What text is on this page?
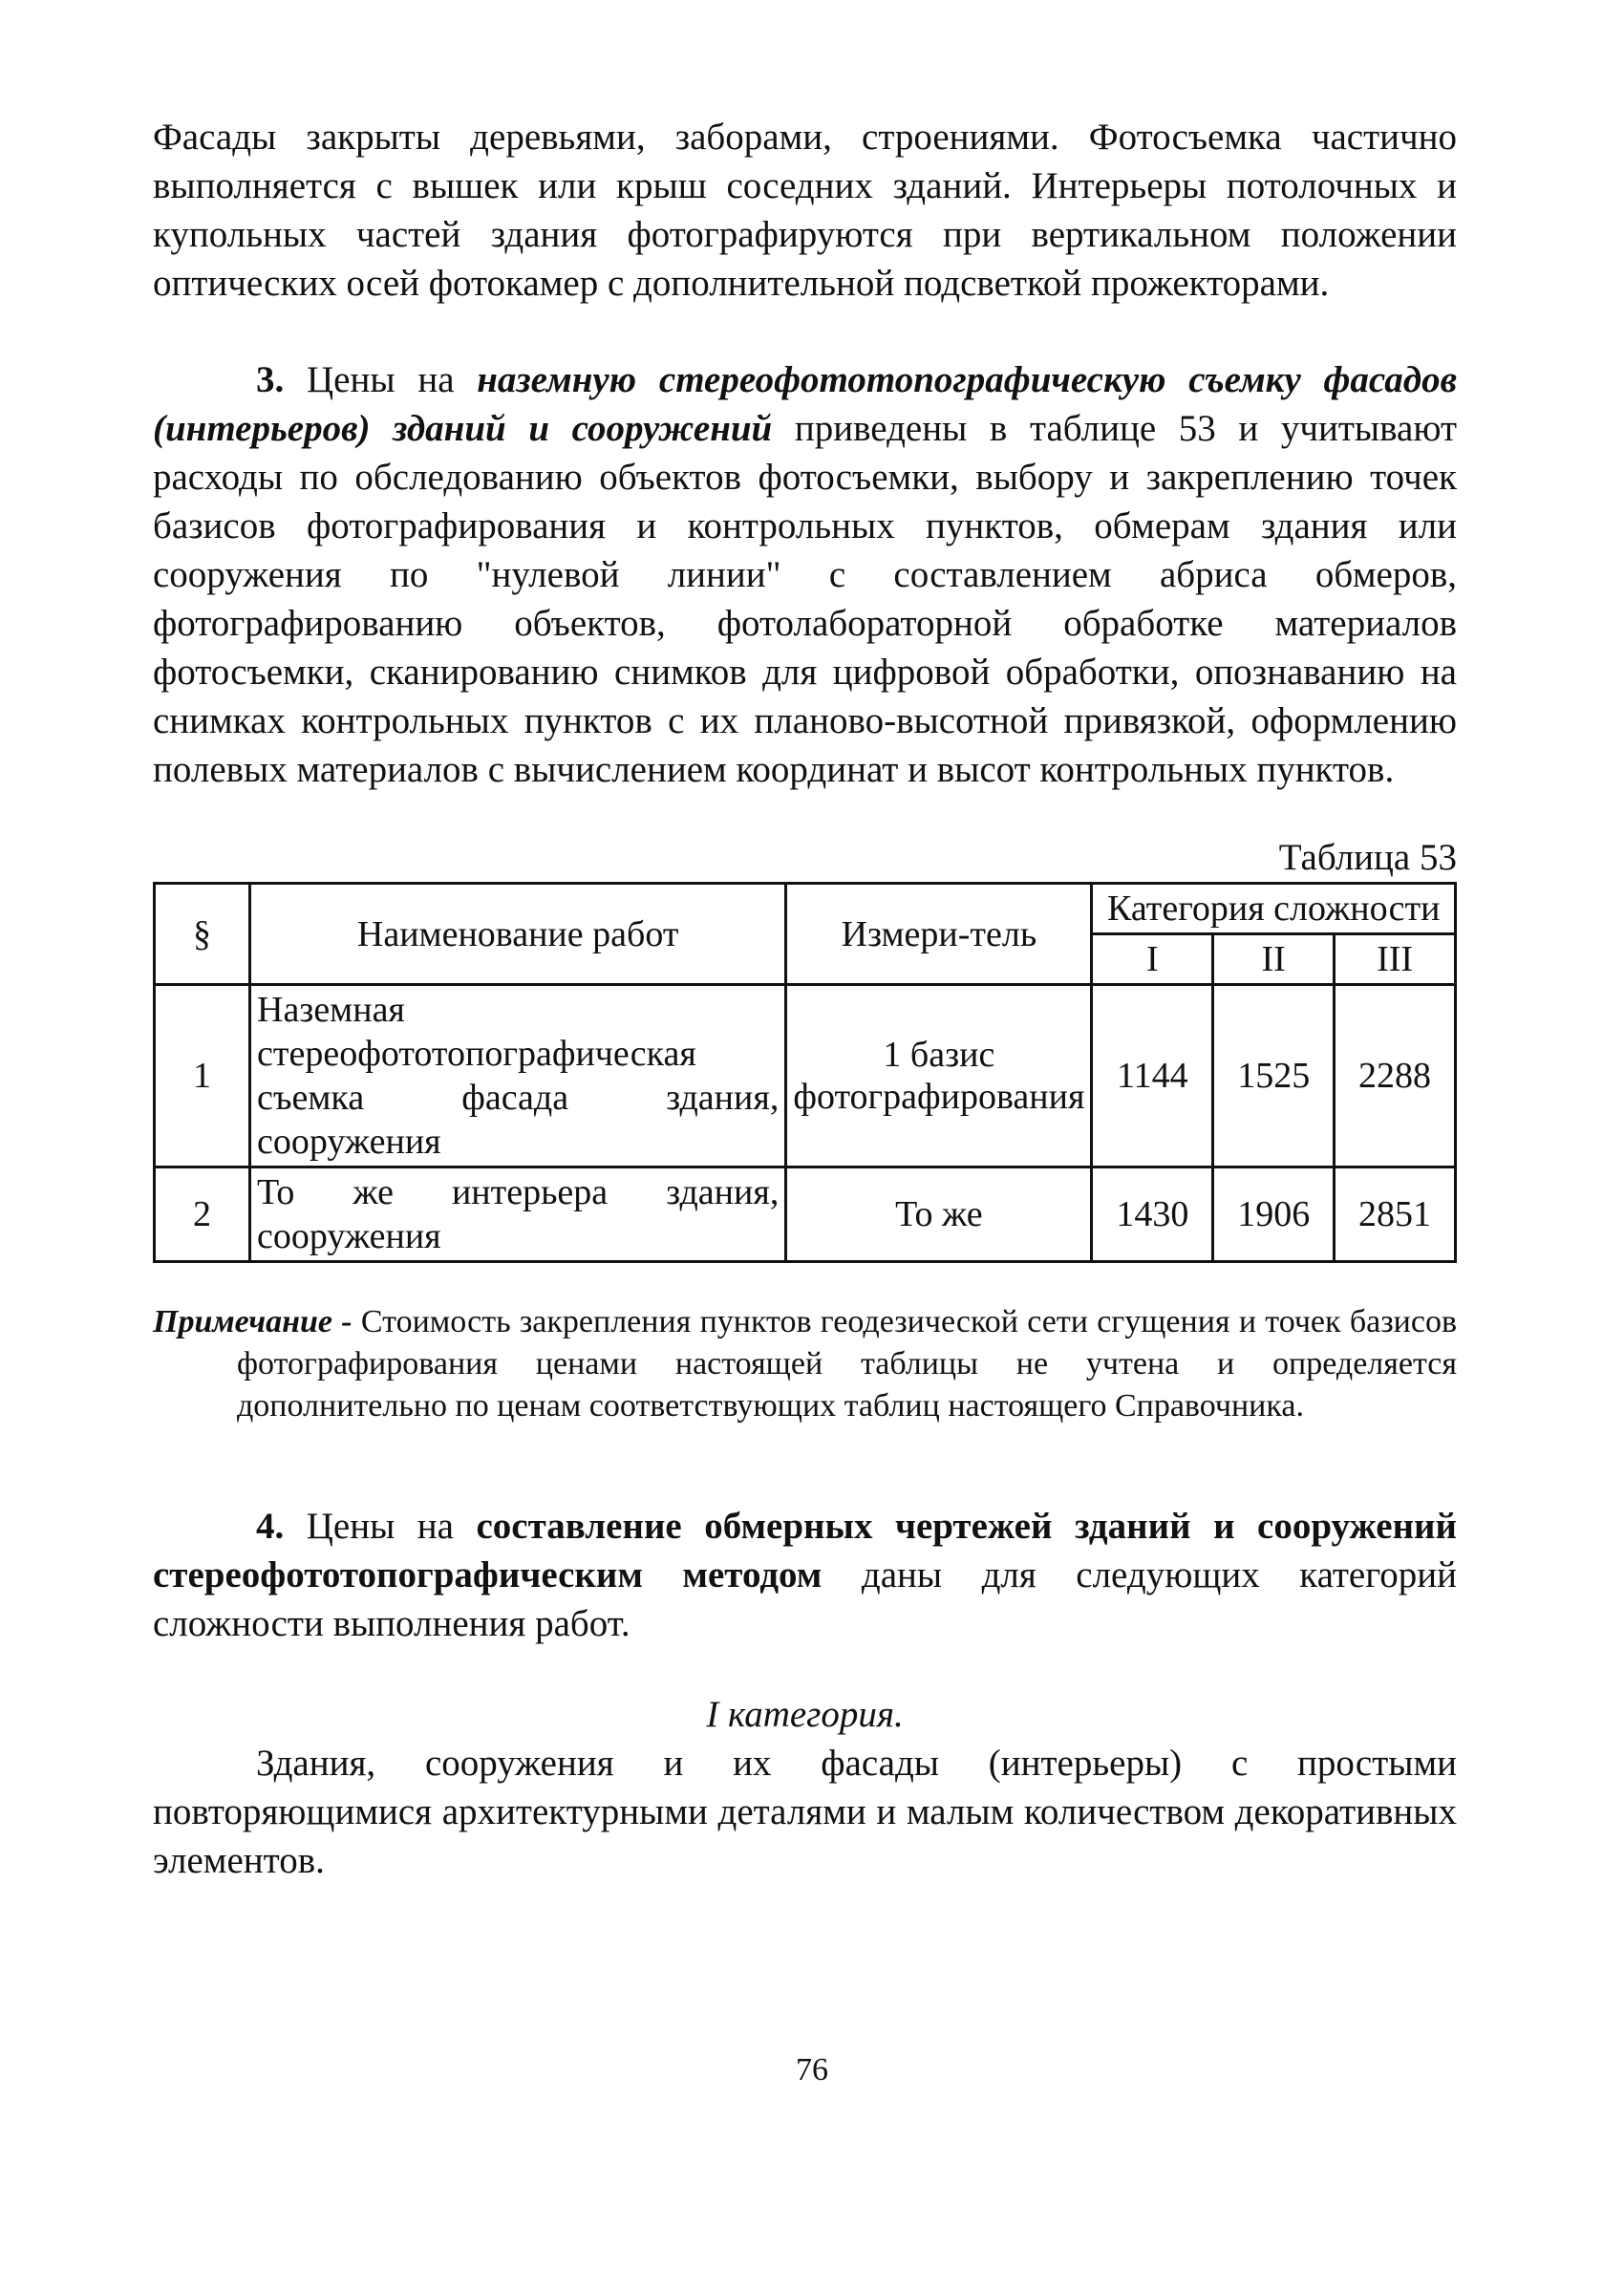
Фасады закрыты деревьями, заборами, строениями. Фотосъемка частично выполняется с вышек или крыш соседних зданий. Интерьеры потолочных и купольных частей здания фотографируются при вертикальном положении оптических осей фотокамер с дополнительной подсветкой прожекторами.

3. Цены на наземную стереофототопографическую съемку фасадов (интерьеров) зданий и сооружений приведены в таблице 53 и учитывают расходы по обследованию объектов фотосъемки, выбору и закреплению точек базисов фотографирования и контрольных пунктов, обмерам здания или сооружения по "нулевой линии" с составлением абриса обмеров, фотографированию объектов, фотолабораторной обработке материалов фотосъемки, сканированию снимков для цифровой обработки, опознаванию на снимках контрольных пунктов с их планово-высотной привязкой, оформлению полевых материалов с вычислением координат и высот контрольных пунктов.

Таблица 53

§	Наименование работ	Измери-тель	Категория сложности		
			I	II	III
1	Наземная стереофототопографическая съемка фасада здания, сооружения	1 базис фотографирования	1144	1525	2288
2	То же интерьера здания, сооружения	То же	1430	1906	2851

Примечание - Стоимость закрепления пунктов геодезической сети сгущения и точек базисов фотографирования ценами настоящей таблицы не учтена и определяется дополнительно по ценам соответствующих таблиц настоящего Справочника.

4. Цены на составление обмерных чертежей зданий и сооружений стереофототопографическим методом даны для следующих категорий сложности выполнения работ.

I категория.

Здания, сооружения и их фасады (интерьеры) с простыми повторяющимися архитектурными деталями и малым количеством декоративных элементов.

76
